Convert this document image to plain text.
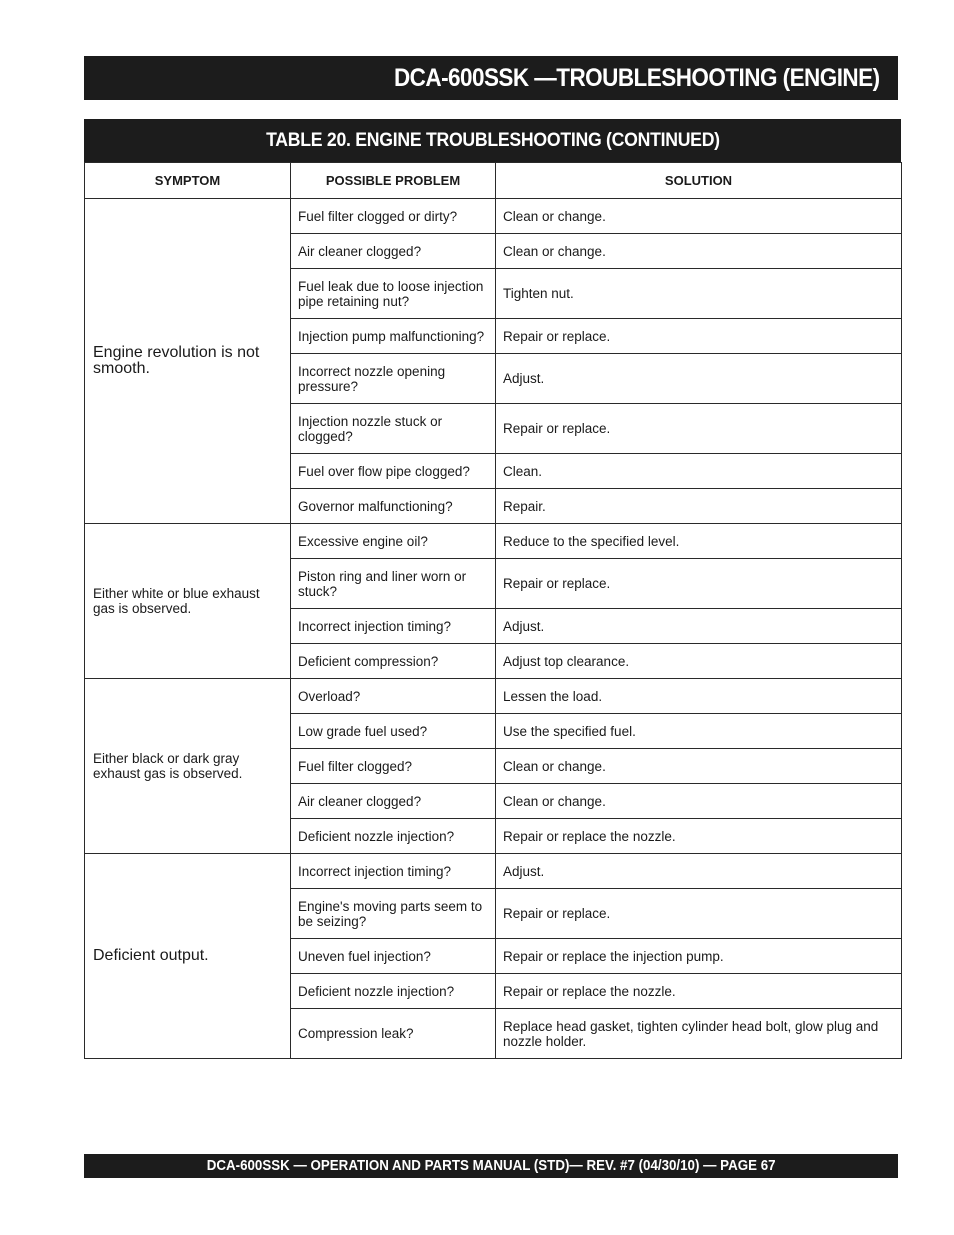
DCA-600SSK —TROUBLESHOOTING (ENGINE)
TABLE 20. ENGINE TROUBLESHOOTING (CONTINUED)
SYMPTOM	POSSIBLE PROBLEM	SOLUTION
Engine revolution is not smooth.	Fuel filter clogged or dirty?	Clean or change.
	Air cleaner clogged?	Clean or change.
	Fuel leak due to loose injection pipe retaining nut?	Tighten nut.
	Injection pump malfunctioning?	Repair or replace.
	Incorrect nozzle opening pressure?	Adjust.
	Injection nozzle stuck or clogged?	Repair or replace.
	Fuel over flow pipe clogged?	Clean.
	Governor malfunctioning?	Repair.
Either white or blue exhaust gas is observed.	Excessive engine oil?	Reduce to the specified level.
	Piston ring and liner worn or stuck?	Repair or replace.
	Incorrect injection timing?	Adjust.
	Deficient compression?	Adjust top clearance.
Either black or dark gray exhaust gas is observed.	Overload?	Lessen the load.
	Low grade fuel used?	Use the specified fuel.
	Fuel filter clogged?	Clean or change.
	Air cleaner clogged?	Clean or change.
	Deficient nozzle injection?	Repair or replace the nozzle.
Deficient output.	Incorrect injection timing?	Adjust.
	Engine's moving parts seem to be seizing?	Repair or replace.
	Uneven fuel injection?	Repair or replace the injection pump.
	Deficient nozzle injection?	Repair or replace the nozzle.
	Compression leak?	Replace head gasket, tighten cylinder head bolt, glow plug and nozzle holder.
DCA-600SSK — OPERATION AND PARTS MANUAL (STD)— REV. #7 (04/30/10) — PAGE 67
